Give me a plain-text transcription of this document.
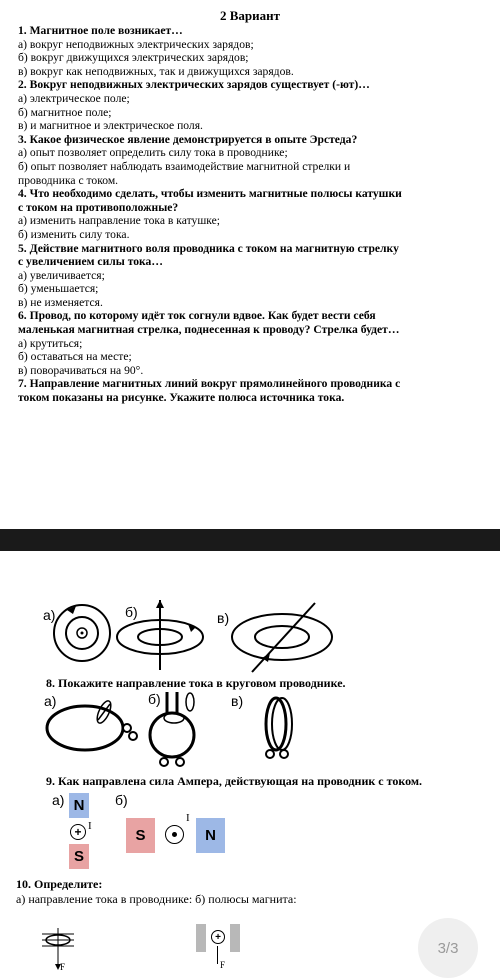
2 Вариант
1. Магнитное поле возникает…
а) вокруг неподвижных электрических зарядов;
б) вокруг движущихся электрических зарядов;
в) вокруг как неподвижных, так и движущихся зарядов.
2. Вокруг неподвижных электрических зарядов существует (-ют)…
а) электрическое поле;
б) магнитное поле;
в) и магнитное и электрическое поля.
3. Какое физическое явление демонстрируется в опыте Эрстеда?
а) опыт позволяет определить силу тока в проводнике;
б) опыт позволяет наблюдать взаимодействие магнитной стрелки и
проводника с током.
4. Что необходимо сделать, чтобы изменить магнитные полюсы катушки
с током на противоположные?
а) изменить направление тока в катушке;
б) изменить силу тока.
5. Действие магнитного воля проводника с током на магнитную стрелку
с увеличением силы тока…
а) увеличивается;
б) уменьшается;
в) не изменяется.
6. Провод, по которому идёт ток согнули вдвое. Как будет вести себя
маленькая магнитная стрелка, поднесенная к проводу? Стрелка будет…
а) крутиться;
б) оставаться на месте;
в) поворачиваться на 90°.
7. Направление магнитных линий вокруг прямолинейного проводника с
током показаны на рисунке. Укажите полюса источника тока.
а)	б)	в)
8. Покажите направление тока в круговом проводнике.
а)	б)	в)
9. Как направлена сила Ампера, действующая на проводник с током.
а)	б)
N
S
+ I
S
I
N
10. Определите:
а) направление тока в проводнике: б) полюсы магнита:
F
+
F
3/3
